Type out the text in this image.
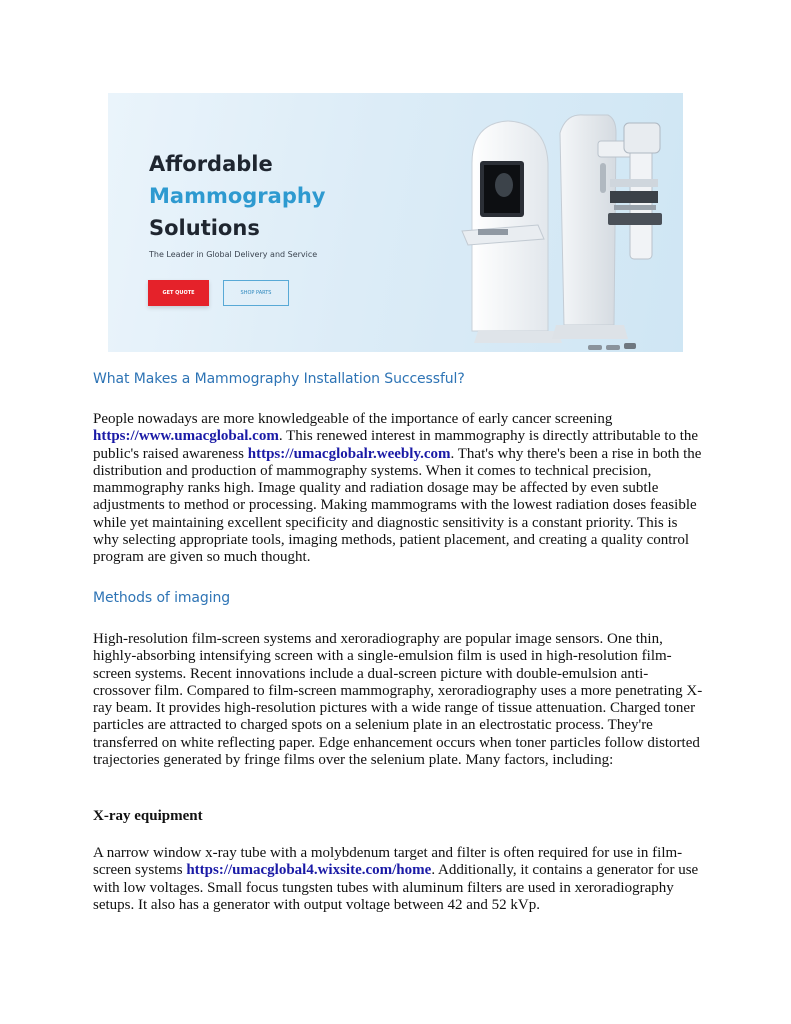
Affordable
Mammography
Solutions
The Leader in Global Delivery and Service
GET QUOTE	SHOP PARTS
What Makes a Mammography Installation Successful?

People nowadays are more knowledgeable of the importance of early cancer screening https://www.umacglobal.com. This renewed interest in mammography is directly attributable to the public's raised awareness https://umacglobalr.weebly.com. That's why there's been a rise in both the distribution and production of mammography systems. When it comes to technical precision, mammography ranks high. Image quality and radiation dosage may be affected by even subtle adjustments to method or processing. Making mammograms with the lowest radiation doses feasible while yet maintaining excellent specificity and diagnostic sensitivity is a constant priority. This is why selecting appropriate tools, imaging methods, patient placement, and creating a quality control program are given so much thought.

Methods of imaging

High-resolution film-screen systems and xeroradiography are popular image sensors. One thin, highly-absorbing intensifying screen with a single-emulsion film is used in high-resolution film-screen systems. Recent innovations include a dual-screen picture with double-emulsion anti-crossover film. Compared to film-screen mammography, xeroradiography uses a more penetrating X-ray beam. It provides high-resolution pictures with a wide range of tissue attenuation. Charged toner particles are attracted to charged spots on a selenium plate in an electrostatic process. They're transferred on white reflecting paper. Edge enhancement occurs when toner particles follow distorted trajectories generated by fringe films over the selenium plate. Many factors, including:

X-ray equipment

A narrow window x-ray tube with a molybdenum target and filter is often required for use in film-screen systems https://umacglobal4.wixsite.com/home. Additionally, it contains a generator for use with low voltages. Small focus tungsten tubes with aluminum filters are used in xeroradiography setups. It also has a generator with output voltage between 42 and 52 kVp.
